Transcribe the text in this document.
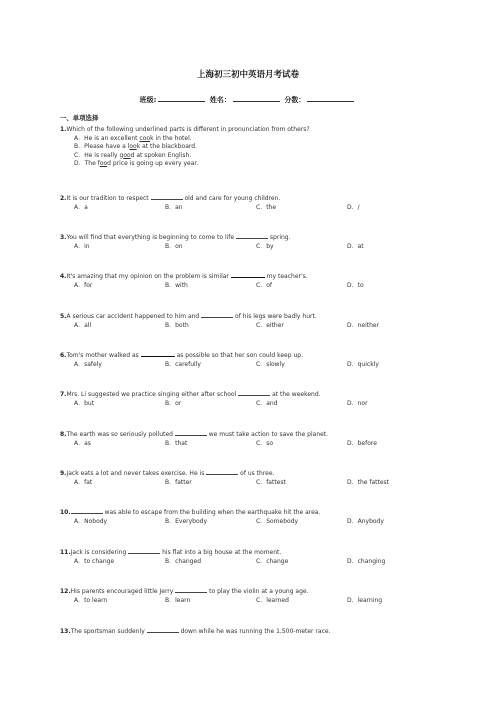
上海初三初中英语月考试卷
班级:	姓名：	分数：
一、单项选择
1.Which of the following underlined parts is different in pronunciation from others?
A．He is an excellent cook in the hotel.
B．Please have a look at the blackboard.
C．He is really good at spoken English.
D．The food price is going up every year.
2.It is our tradition to respect	old and care for young children.
A．a	B．an	C．the	D．/
3.You will find that everything is beginning to come to life	spring.
A．in	B．on	C．by	D．at
4.It's amazing that my opinion on the problem is similar	my teacher's.
A．for	B．with	C．of	D．to
5.A serious car accident happened to him and	of his legs were badly hurt.
A．all	B．both	C．either	D．neither
6.Tom's mother walked as	as possible so that her son could keep up.
A．safely	B．carefully	C．slowly	D．quickly
7.Mrs. Li suggested we practice singing either after school	at the weekend.
A．but	B．or	C．and	D．nor
8.The earth was so seriously polluted	we must take action to save the planet.
A．as	B．that	C．so	D．before
9.Jack eats a lot and never takes exercise. He is	of us three.
A．fat	B．fatter	C．fattest	D．the fattest
10.	was able to escape from the building when the earthquake hit the area.
A．Nobody	B．Everybody	C．Somebody	D．Anybody
11.Jack is considering	his flat into a big house at the moment.
A．to change	B．changed	C．change	D．changing
12.His parents encouraged little Jerry	to play the violin at a young age.
A．to learn	B．learn	C．learned	D．learning
13.The sportsman suddenly	down while he was running the 1,500-meter race.
